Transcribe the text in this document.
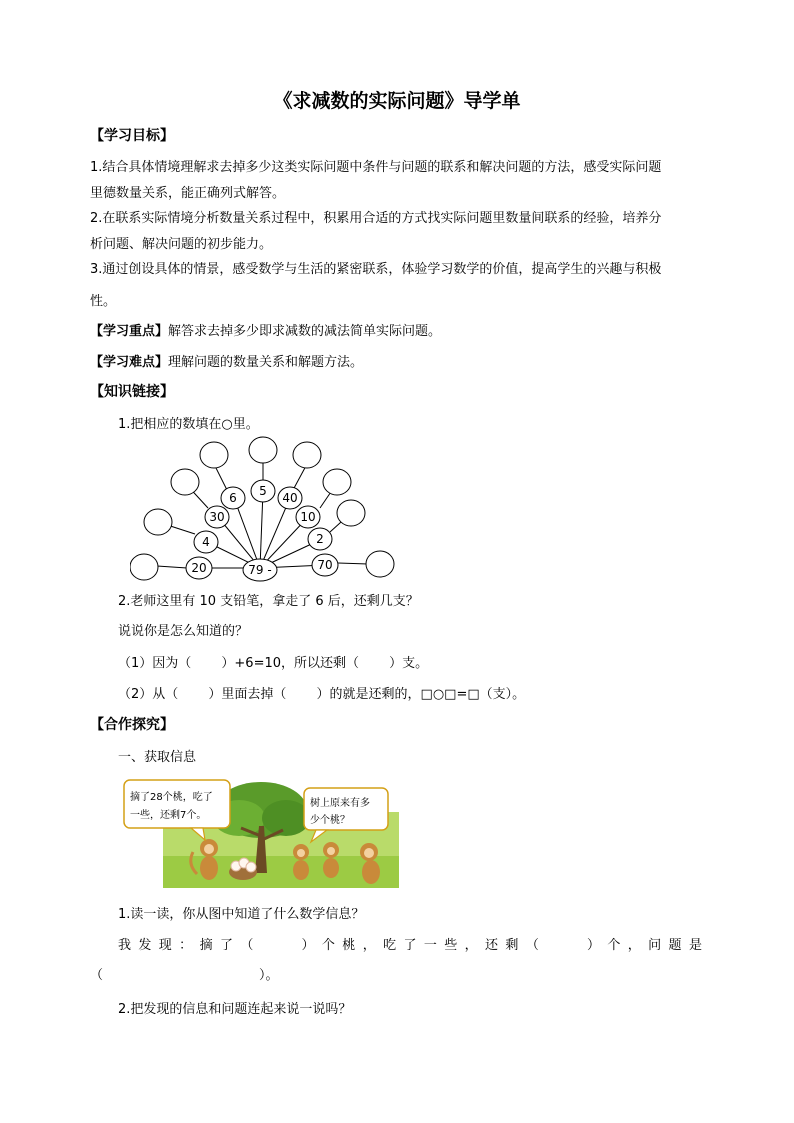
《求减数的实际问题》导学单
【学习目标】
1.结合具体情境理解求去掉多少这类实际问题中条件与问题的联系和解决问题的方法，感受实际问题
里德数量关系，能正确列式解答。
2.在联系实际情境分析数量关系过程中，积累用合适的方式找实际问题里数量间联系的经验，培养分
析问题、解决问题的初步能力。
3.通过创设具体的情景，感受数学与生活的紧密联系，体验学习数学的价值，提高学生的兴趣与积极
性。
【学习重点】解答求去掉多少即求减数的减法简单实际问题。
【学习难点】理解问题的数量关系和解题方法。
【知识链接】
1.把相应的数填在○里。
79 -
20
4
30
6 5 40
10
2
70
2.老师这里有 10 支铅笔，拿走了 6 后，还剩几支？
说说你是怎么知道的？
（1）因为（　　 ）+6=10，所以还剩（　　 ）支。
（2）从（　　 ）里面去掉（　　 ）的就是还剩的，□○□=□（支）。
【合作探究】
一、获取信息
摘了28个桃，吃了
一些，还剩7个。
树上原来有多
少个桃？
1.读一读，你从图中知道了什么数学信息？
我 发 现 ： 摘 了 （

　	） 个 桃 ， 吃 了 一 些 ， 还 剩 （

　	） 个 ， 问 题 是
（　　　　　　　　　　　　）。
2.把发现的信息和问题连起来说一说吗？
